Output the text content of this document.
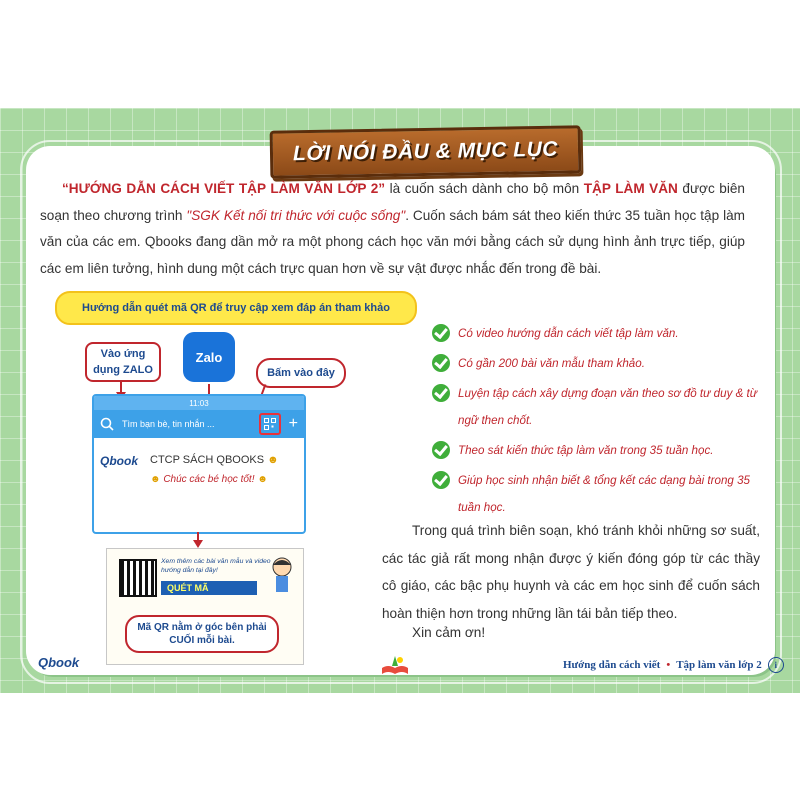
LỜI NÓI ĐẦU & MỤC LỤC
“HƯỚNG DẪN CÁCH VIẾT TẬP LÀM VĂN LỚP 2” là cuốn sách dành cho bộ môn TẬP LÀM VĂN được biên soạn theo chương trình "SGK Kết nối tri thức với cuộc sống". Cuốn sách bám sát theo kiến thức 35 tuần học tập làm văn của các em. Qbooks đang dần mở ra một phong cách học văn mới bằng cách sử dụng hình ảnh trực tiếp, giúp các em liên tưởng, hình dung một cách trực quan hơn về sự vật được nhắc đến trong đề bài.
Hướng dẫn quét mã QR để truy cập xem đáp án tham khảo
Vào ứng dụng ZALO
Zalo
Bấm vào đây
11:03
Tìm bạn bè, tin nhắn ...	+
Qbook	CTCP SÁCH QBOOKS ☻
☻ Chúc các bé học tốt! ☻
Xem thêm các bài văn mẫu và video hướng dẫn tại đây!
QUÉT MÃ
Mã QR nằm ở góc bên phải CUỐI mỗi bài.
Có video hướng dẫn cách viết tập làm văn.
Có gần 200 bài văn mẫu tham khảo.
Luyện tập cách xây dựng đoạn văn theo sơ đồ tư duy & từ ngữ then chốt.
Theo sát kiến thức tập làm văn trong 35 tuần học.
Giúp học sinh nhận biết & tổng kết các dạng bài trong 35 tuần học.
Trong quá trình biên soạn, khó tránh khỏi những sơ suất, các tác giả rất mong nhận được ý kiến đóng góp từ các thầy cô giáo, các bậc phụ huynh và các em học sinh để cuốn sách hoàn thiện hơn trong những lần tái bản tiếp theo.
Xin cảm ơn!
Qbook	Hướng dẫn cách viết • Tập làm văn lớp 2	i
